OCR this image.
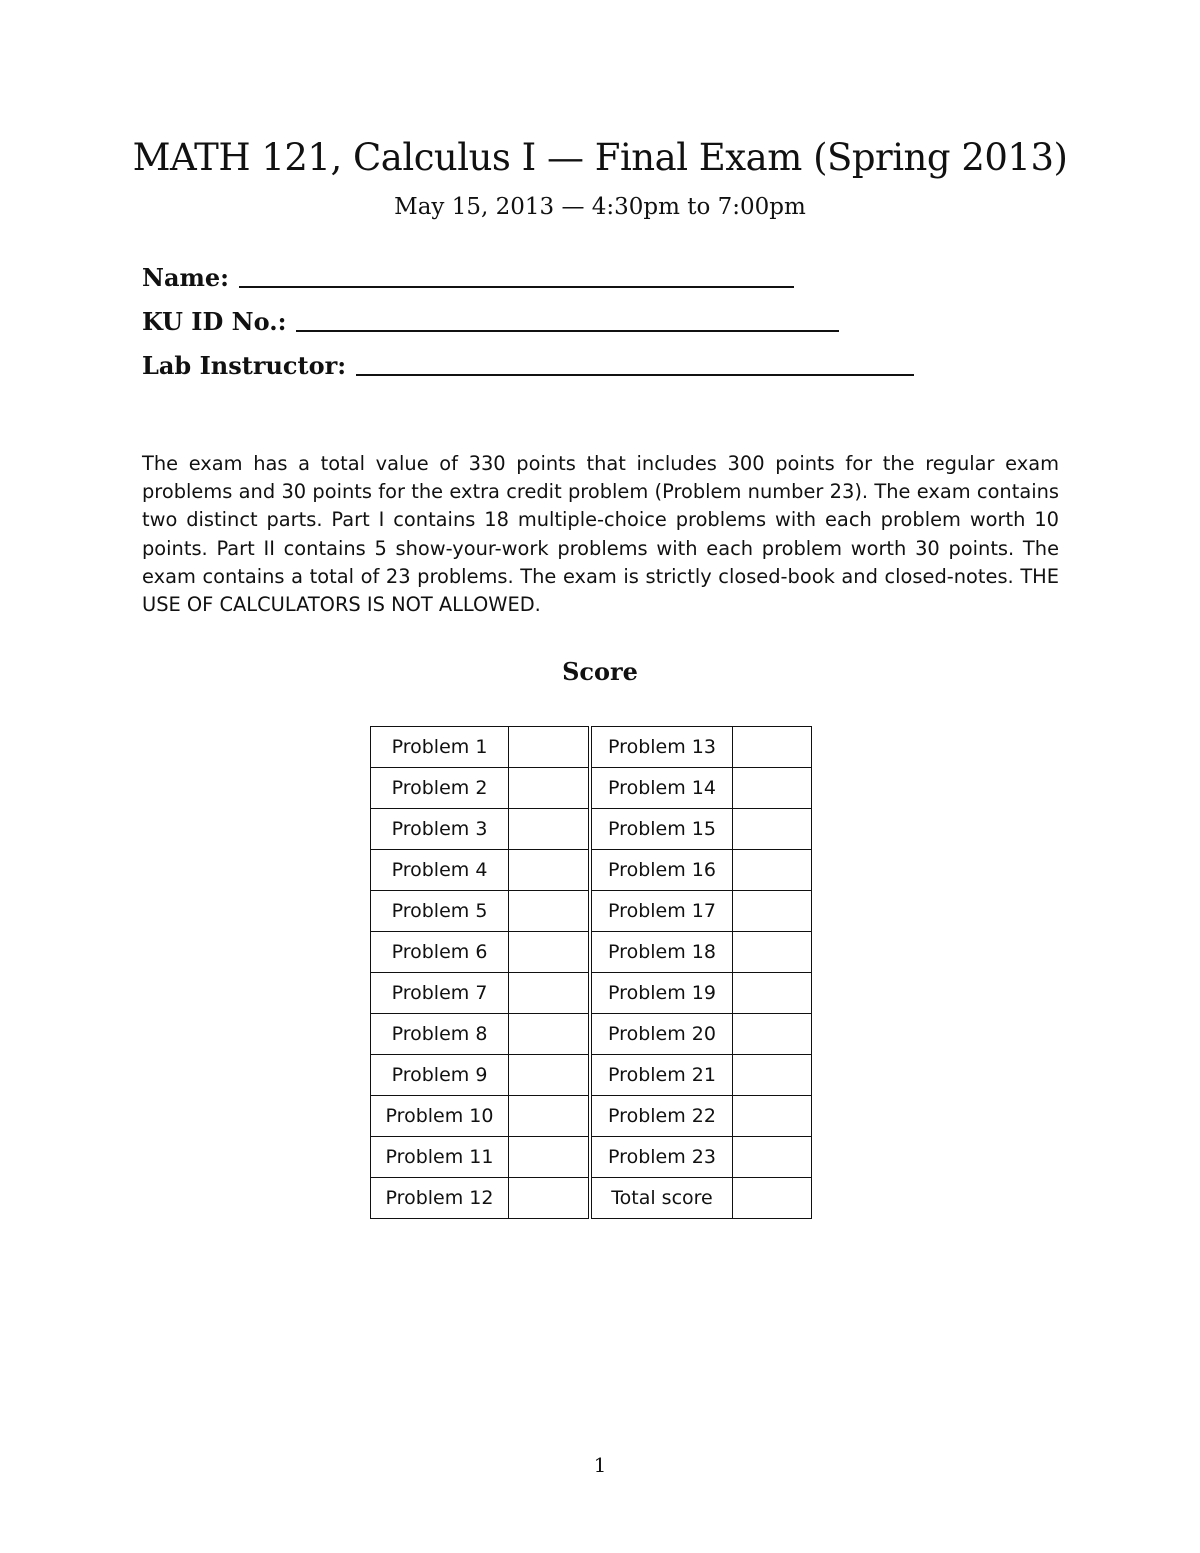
MATH 121, Calculus I — Final Exam (Spring 2013)

May 15, 2013 — 4:30pm to 7:00pm

Name:
KU ID No.:
Lab Instructor:

The exam has a total value of 330 points that includes 300 points for the regular exam problems and 30 points for the extra credit problem (Problem number 23). The exam contains two distinct parts. Part I contains 18 multiple-choice problems with each problem worth 10 points. Part II contains 5 show-your-work problems with each problem worth 30 points. The exam contains a total of 23 problems. The exam is strictly closed-book and closed-notes. THE USE OF CALCULATORS IS NOT ALLOWED.

Score
Problem 1		Problem 13	
Problem 2		Problem 14	
Problem 3		Problem 15	
Problem 4		Problem 16	
Problem 5		Problem 17	
Problem 6		Problem 18	
Problem 7		Problem 19	
Problem 8		Problem 20	
Problem 9		Problem 21	
Problem 10		Problem 22	
Problem 11		Problem 23	
Problem 12		Total score	

1
